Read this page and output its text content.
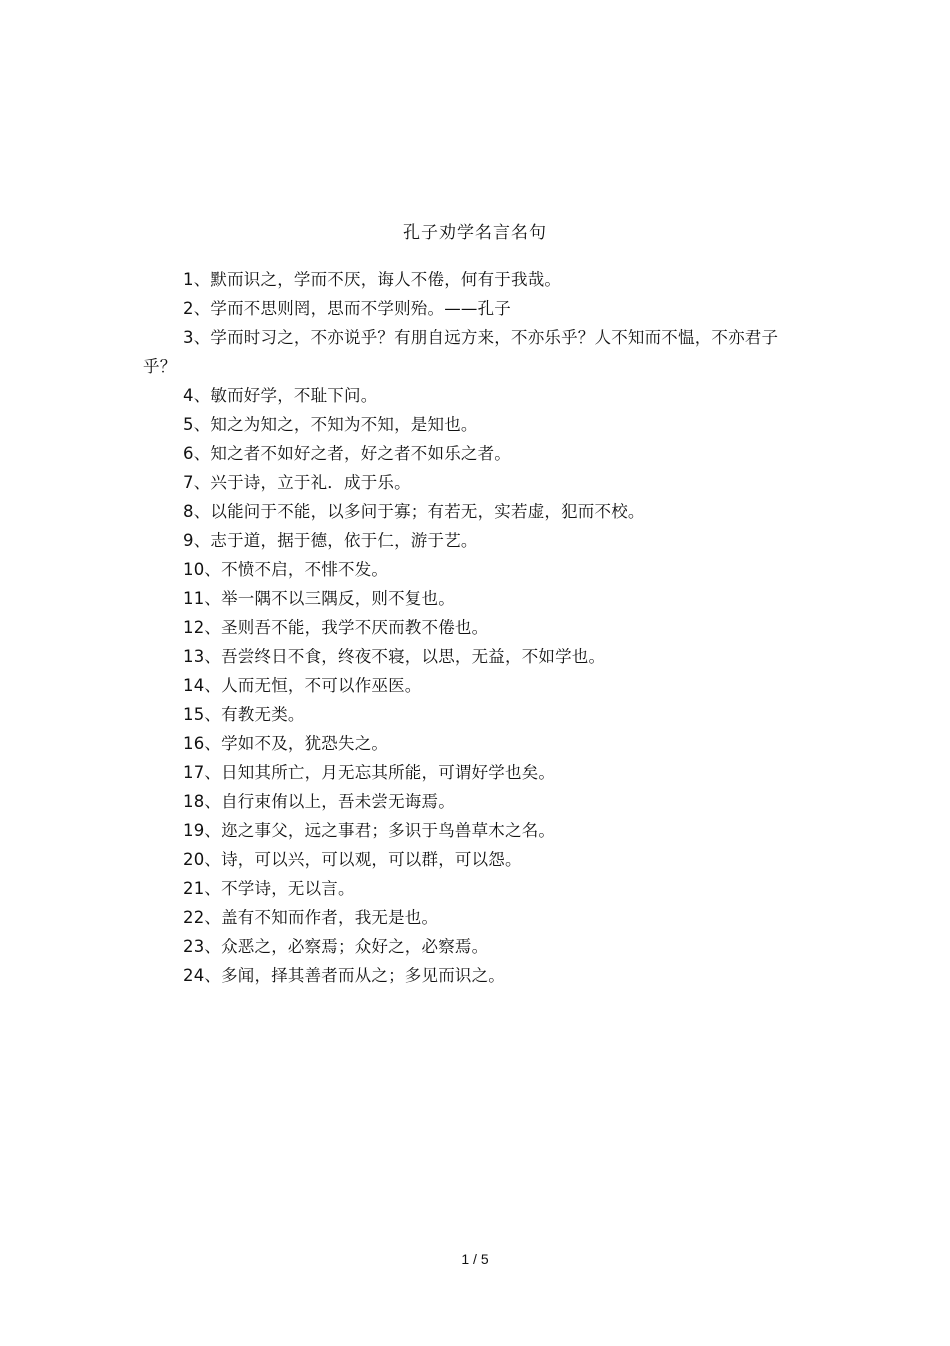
孔子劝学名言名句
1、默而识之，学而不厌，诲人不倦，何有于我哉。
2、学而不思则罔，思而不学则殆。——孔子
3、学而时习之，不亦说乎？有朋自远方来，不亦乐乎？人不知而不愠，不亦君子乎？
4、敏而好学，不耻下问。
5、知之为知之，不知为不知，是知也。
6、知之者不如好之者，好之者不如乐之者。
7、兴于诗，立于礼．成于乐。
8、以能问于不能，以多问于寡；有若无，实若虚，犯而不校。
9、志于道，据于德，依于仁，游于艺。
10、不愤不启，不悱不发。
11、举一隅不以三隅反，则不复也。
12、圣则吾不能，我学不厌而教不倦也。
13、吾尝终日不食，终夜不寝，以思，无益，不如学也。
14、人而无恒，不可以作巫医。
15、有教无类。
16、学如不及，犹恐失之。
17、日知其所亡，月无忘其所能，可谓好学也矣。
18、自行束侑以上，吾未尝无诲焉。
19、迩之事父，远之事君；多识于鸟兽草木之名。
20、诗，可以兴，可以观，可以群，可以怨。
21、不学诗，无以言。
22、盖有不知而作者，我无是也。
23、众恶之，必察焉；众好之，必察焉。
24、多闻，择其善者而从之；多见而识之。
1 / 5
